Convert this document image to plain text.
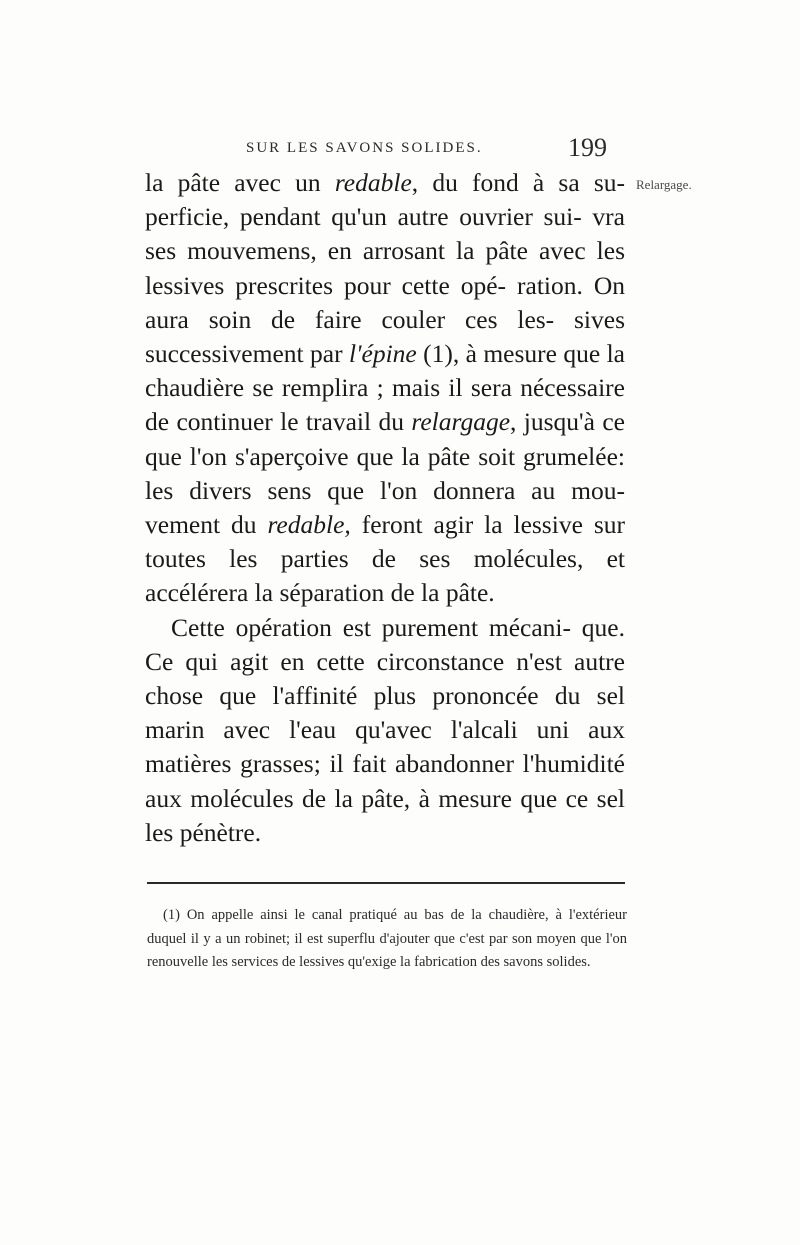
SUR LES SAVONS SOLIDES.	199
Relargage.

la pâte avec un redable, du fond à sa su- perficie, pendant qu'un autre ouvrier sui- vra ses mouvemens, en arrosant la pâte avec les lessives prescrites pour cette opé- ration. On aura soin de faire couler ces les- sives successivement par l'épine (1), à mesure que la chaudière se remplira ; mais il sera nécessaire de continuer le travail du relargage, jusqu'à ce que l'on s'aperçoive que la pâte soit grumelée: les divers sens que l'on donnera au mou- vement du redable, feront agir la lessive sur toutes les parties de ses molécules, et accélérera la séparation de la pâte.

Cette opération est purement mécani- que. Ce qui agit en cette circonstance n'est autre chose que l'affinité plus prononcée du sel marin avec l'eau qu'avec l'alcali uni aux matières grasses; il fait abandonner l'humidité aux molécules de la pâte, à mesure que ce sel les pénètre.

(1) On appelle ainsi le canal pratiqué au bas de la chaudière, à l'extérieur duquel il y a un robinet; il est superflu d'ajouter que c'est par son moyen que l'on renouvelle les services de lessives qu'exige la fabrication des savons solides.
